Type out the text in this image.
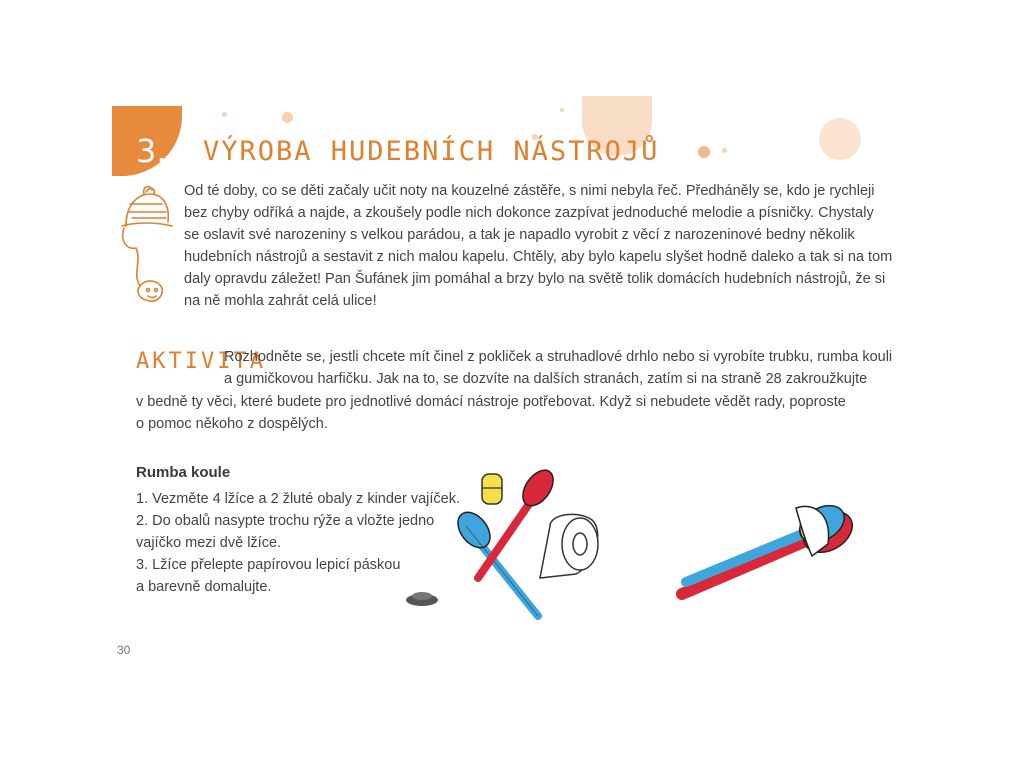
3. VÝROBA HUDEBNÍCH NÁSTROJŮ
Od té doby, co se děti začaly učit noty na kouzelné zástěře, s nimi nebyla řeč. Předháněly se, kdo je rychleji
bez chyby odříká a najde, a zkoušely podle nich dokonce zazpívat jednoduché melodie a písničky. Chystaly
se oslavit své narozeniny s velkou parádou, a tak je napadlo vyrobit z věcí z narozeninové bedny několik
hudebních nástrojů a sestavit z nich malou kapelu. Chtěly, aby bylo kapelu slyšet hodně daleko a tak si na tom
daly opravdu záležet! Pan Šufánek jim pomáhal a brzy bylo na světě tolik domácích hudebních nástrojů, že si
na ně mohla zahrát celá ulice!
AKTIVITA
Rozhodněte se, jestli chcete mít činel z pokliček a struhadlové drhlo nebo si vyrobíte trubku, rumba kouli
a gumičkovou harfičku. Jak na to, se dozvíte na dalších stranách, zatím si na straně 28 zakroužkujte
v bedně ty věci, které budete pro jednotlivé domácí nástroje potřebovat. Když si nebudete vědět rady, poproste
o pomoc někoho z dospělých.
Rumba koule
1. Vezměte 4 lžíce a 2 žluté obaly z kinder vajíček.
2. Do obalů nasypte trochu rýže a vložte jedno
vajíčko mezi dvě lžíce.
3. Lžíce přelepte papírovou lepicí páskou
a barevně domalujte.
30
